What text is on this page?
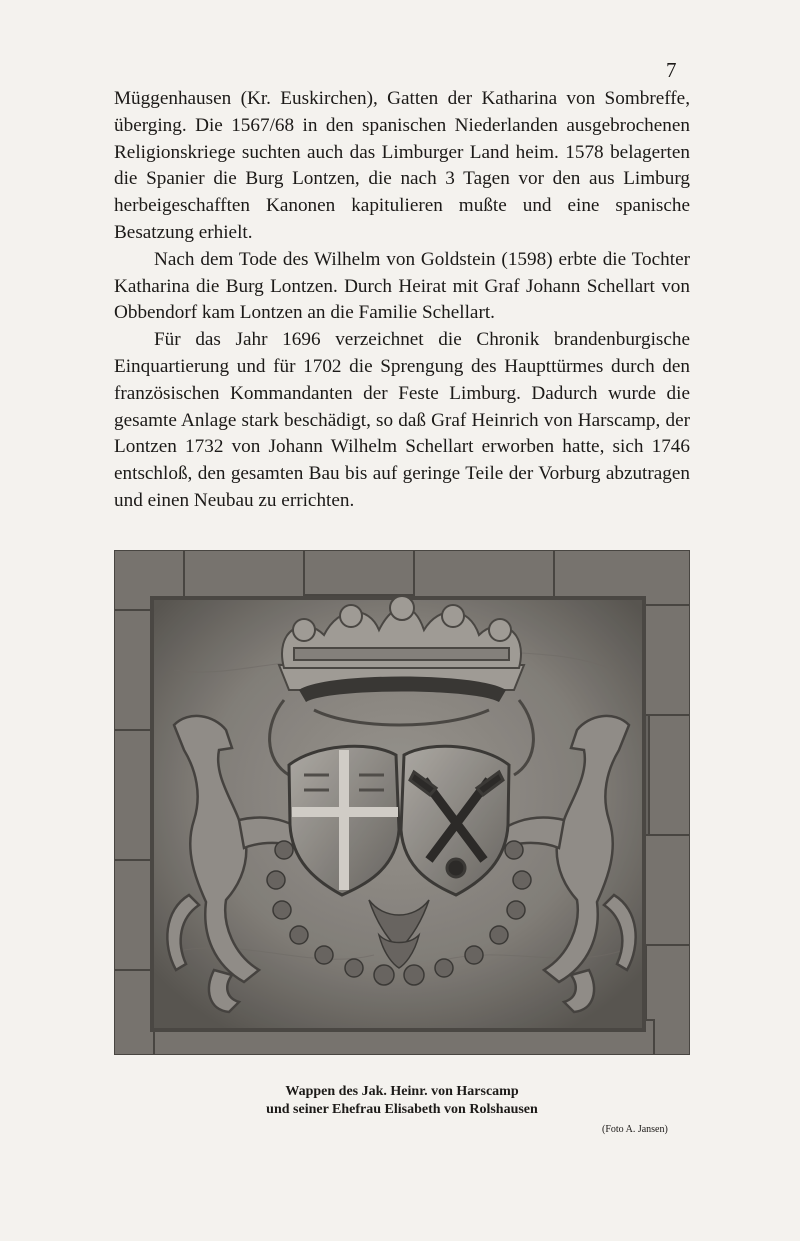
7

Müggenhausen (Kr. Euskirchen), Gatten der Katharina von Sombreffe, überging. Die 1567/68 in den spanischen Niederlanden ausgebrochenen Religionskriege suchten auch das Limburger Land heim. 1578 belagerten die Spanier die Burg Lontzen, die nach 3 Tagen vor den aus Limburg herbeigeschafften Kanonen kapitulieren mußte und eine spanische Besatzung erhielt.

Nach dem Tode des Wilhelm von Goldstein (1598) erbte die Tochter Katharina die Burg Lontzen. Durch Heirat mit Graf Johann Schellart von Obbendorf kam Lontzen an die Familie Schellart.

Für das Jahr 1696 verzeichnet die Chronik brandenburgische Einquartierung und für 1702 die Sprengung des Haupttürmes durch den französischen Kommandanten der Feste Limburg. Dadurch wurde die gesamte Anlage stark beschädigt, so daß Graf Heinrich von Harscamp, der Lontzen 1732 von Johann Wilhelm Schellart erworben hatte, sich 1746 entschloß, den gesamten Bau bis auf geringe Teile der Vorburg abzutragen und einen Neubau zu errichten.

Wappen des Jak. Heinr. von Harscamp
und seiner Ehefrau Elisabeth von Rolshausen
(Foto A. Jansen)
